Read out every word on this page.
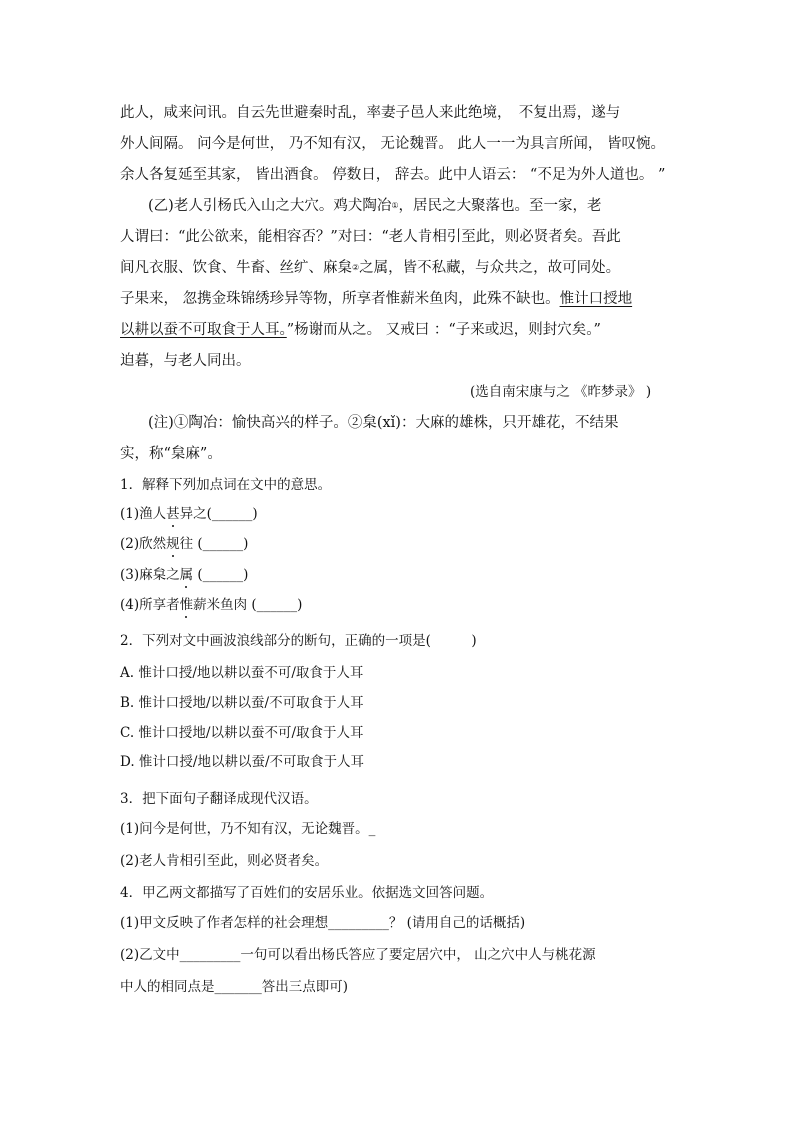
此人，咸来问讯。自云先世避秦时乱，率妻子邑人来此绝境，　不复出焉，遂与
外人间隔。 问今是何世， 乃不知有汉， 无论魏晋。 此人一一为具言所闻， 皆叹惋。
余人各复延至其家， 皆出酒食。 停数日， 辞去。此中人语云： “不足为外人道也。 ”
(乙)老人引杨氏入山之大穴。鸡犬陶冶①，居民之大聚落也。至一家，老
人谓曰：“此公欲来，能相容否？”对曰：“老人肯相引至此，则必贤者矣。吾此
间凡衣服、饮食、牛畜、丝纩、麻枲②之属，皆不私藏，与众共之，故可同处。
子果来， 忽携金珠锦绣珍异等物，所享者惟薪米鱼肉，此殊不缺也。惟计口授地
以耕以蚕不可取食于人耳。”杨谢而从之。 又戒曰 ：“子来或迟，则封穴矣。”
迫暮，与老人同出。
(选自南宋康与之 《昨梦录》 )
(注)①陶冶：愉快高兴的样子。②枲(xǐ)：大麻的雄株，只开雄花，不结果
实，称“枲麻”。
1．解释下列加点词在文中的意思。
(1)渔人甚异之(______)
(2)欣然规往 (______)
(3)麻枲之属 (______)
(4)所享者惟薪米鱼肉 (______)
2．下列对文中画波浪线部分的断句，正确的一项是(　　　)
A. 惟计口授/地以耕以蚕不可/取食于人耳
B. 惟计口授地/以耕以蚕/不可取食于人耳
C. 惟计口授地/以耕以蚕不可/取食于人耳
D. 惟计口授/地以耕以蚕/不可取食于人耳
3．把下面句子翻译成现代汉语。
(1)问今是何世，乃不知有汉，无论魏晋。_
(2)老人肯相引至此，则必贤者矣。
4．甲乙两文都描写了百姓们的安居乐业。依据选文回答问题。
(1)甲文反映了作者怎样的社会理想_________？ (请用自己的话概括)
(2)乙文中_________一句可以看出杨氏答应了要定居穴中， 山之穴中人与桃花源
中人的相同点是_______答出三点即可)
